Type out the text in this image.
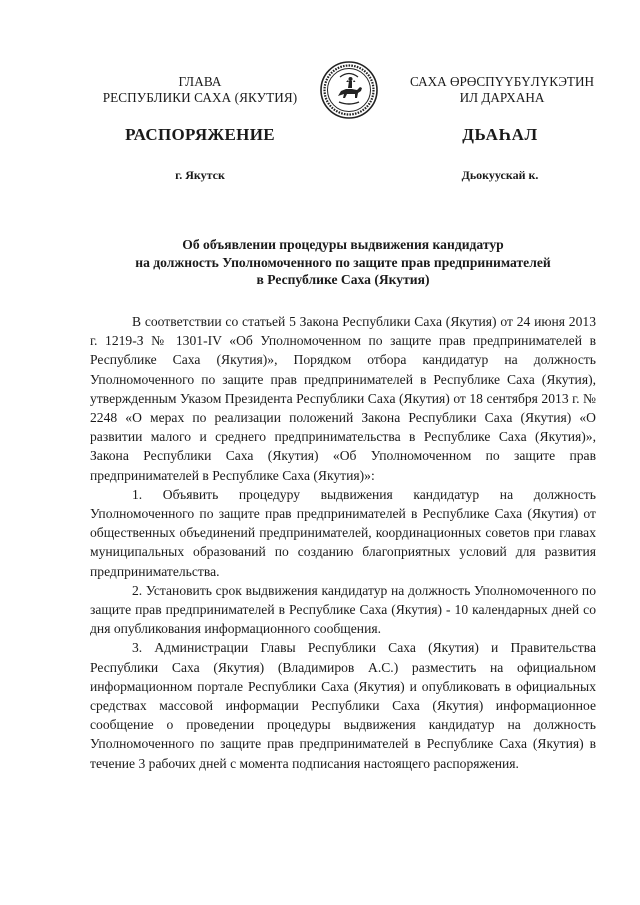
ГЛАВА
РЕСПУБЛИКИ САХА (ЯКУТИЯ)
САХА ӨРӨСПҮҮБҮЛҮКЭТИН
ИЛ ДАРХАНА
РАСПОРЯЖЕНИЕ	ДЬАҺАЛ
г. Якутск	Дьокуускай к.
Об объявлении процедуры выдвижения кандидатур
на должность Уполномоченного по защите прав предпринимателей
в Республике Саха (Якутия)

В соответствии со статьей 5 Закона Республики Саха (Якутия) от 24 июня 2013 г. 1219-З № 1301-IV «Об Уполномоченном по защите прав предпринимателей в Республике Саха (Якутия)», Порядком отбора кандидатур на должность Уполномоченного по защите прав предпринимателей в Республике Саха (Якутия), утвержденным Указом Президента Республики Саха (Якутия) от 18 сентября 2013 г. № 2248 «О мерах по реализации положений Закона Республики Саха (Якутия) «О развитии малого и среднего предпринимательства в Республике Саха (Якутия)», Закона Республики Саха (Якутия) «Об Уполномоченном по защите прав предпринимателей в Республике Саха (Якутия)»:

1. Объявить процедуру выдвижения кандидатур на должность Уполномоченного по защите прав предпринимателей в Республике Саха (Якутия) от общественных объединений предпринимателей, координационных советов при главах муниципальных образований по созданию благоприятных условий для развития предпринимательства.

2. Установить срок выдвижения кандидатур на должность Уполномоченного по защите прав предпринимателей в Республике Саха (Якутия) - 10 календарных дней со дня опубликования информационного сообщения.

3. Администрации Главы Республики Саха (Якутия) и Правительства Республики Саха (Якутия) (Владимиров А.С.) разместить на официальном информационном портале Республики Саха (Якутия) и опубликовать в официальных средствах массовой информации Республики Саха (Якутия) информационное сообщение о проведении процедуры выдвижения кандидатур на должность Уполномоченного по защите прав предпринимателей в Республике Саха (Якутия) в течение 3 рабочих дней с момента подписания настоящего распоряжения.
